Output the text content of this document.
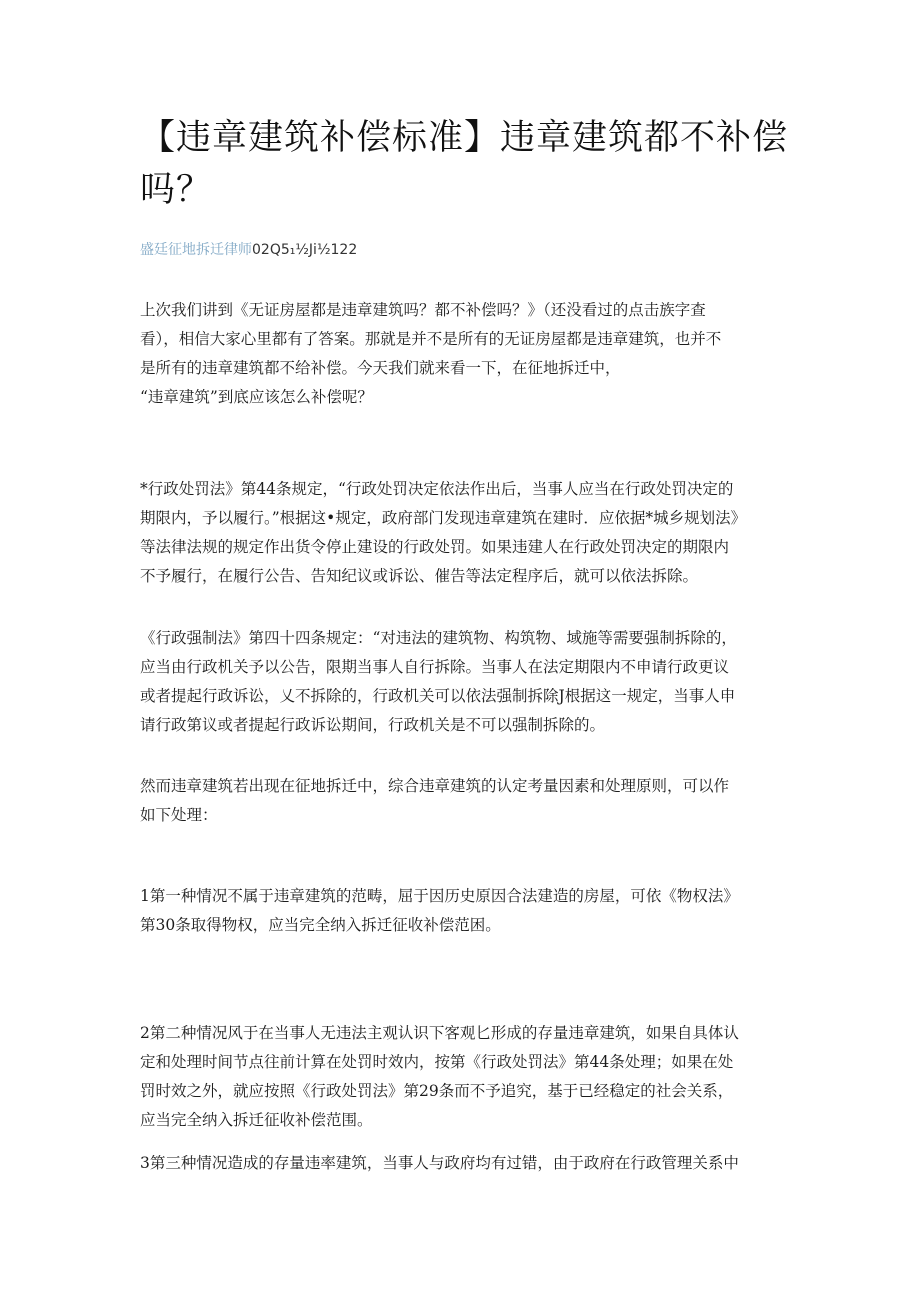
【违章建筑补偿标准】违章建筑都不补偿吗？
盛廷征地拆迁律师02Q5₁½Ji½122

上次我们讲到《无证房屋都是违章建筑吗？都不补偿吗？》（还没看过的点击族字查
看），相信大家心里都有了答案。那就是并不是所有的无证房屋都是违章建筑，也并不
是所有的违章建筑都不给补偿。今天我们就来看一下，在征地拆迁中，
“违章建筑”到底应该怎么补偿呢？

*行政处罚法》第44条规定，“行政处罚决定依法作出后，当事人应当在行政处罚决定的
期限内，予以履行。”根据这•规定，政府部门发现违章建筑在建时．应依据*城乡规划法》
等法律法规的规定作出货令停止建设的行政处罚。如果违建人在行政处罚决定的期限内
不予履行，在履行公告、告知纪议或诉讼、催告等法定程序后，就可以依法拆除。

《行政强制法》第四十四条规定：“对违法的建筑物、构筑物、域施等需要强制拆除的，
应当由行政机关予以公告，限期当事人自行拆除。当事人在法定期限内不申请行政更议
或者提起行政诉讼，乂不拆除的，行政机关可以依法强制拆除J根据这一规定，当事人申
请行政第议或者提起行政诉讼期间，行政机关是不可以强制拆除的。

然而违章建筑若出现在征地拆迁中，综合违章建筑的认定考量因素和处理原则，可以作
如下处理：

1第一种情况不属于违章建筑的范畴，屈于因历史原因合法建造的房屋，可依《物权法》
第30条取得物权，应当完全纳入拆迁征收补偿范困。

2第二种情况风于在当事人无违法主观认识下客观匕形成的存量违章建筑，如果自具体认
定和处理时间节点往前计算在处罚时效内，按第《行政处罚法》第44条处理；如果在处
罚时效之外，就应按照《行政处罚法》第29条而不予追究，基于已经稳定的社会关系，
应当完全纳入拆迁征收补偿范围。

3第三种情况造成的存量违率建筑，当事人与政府均有过错，由于政府在行政管理关系中
